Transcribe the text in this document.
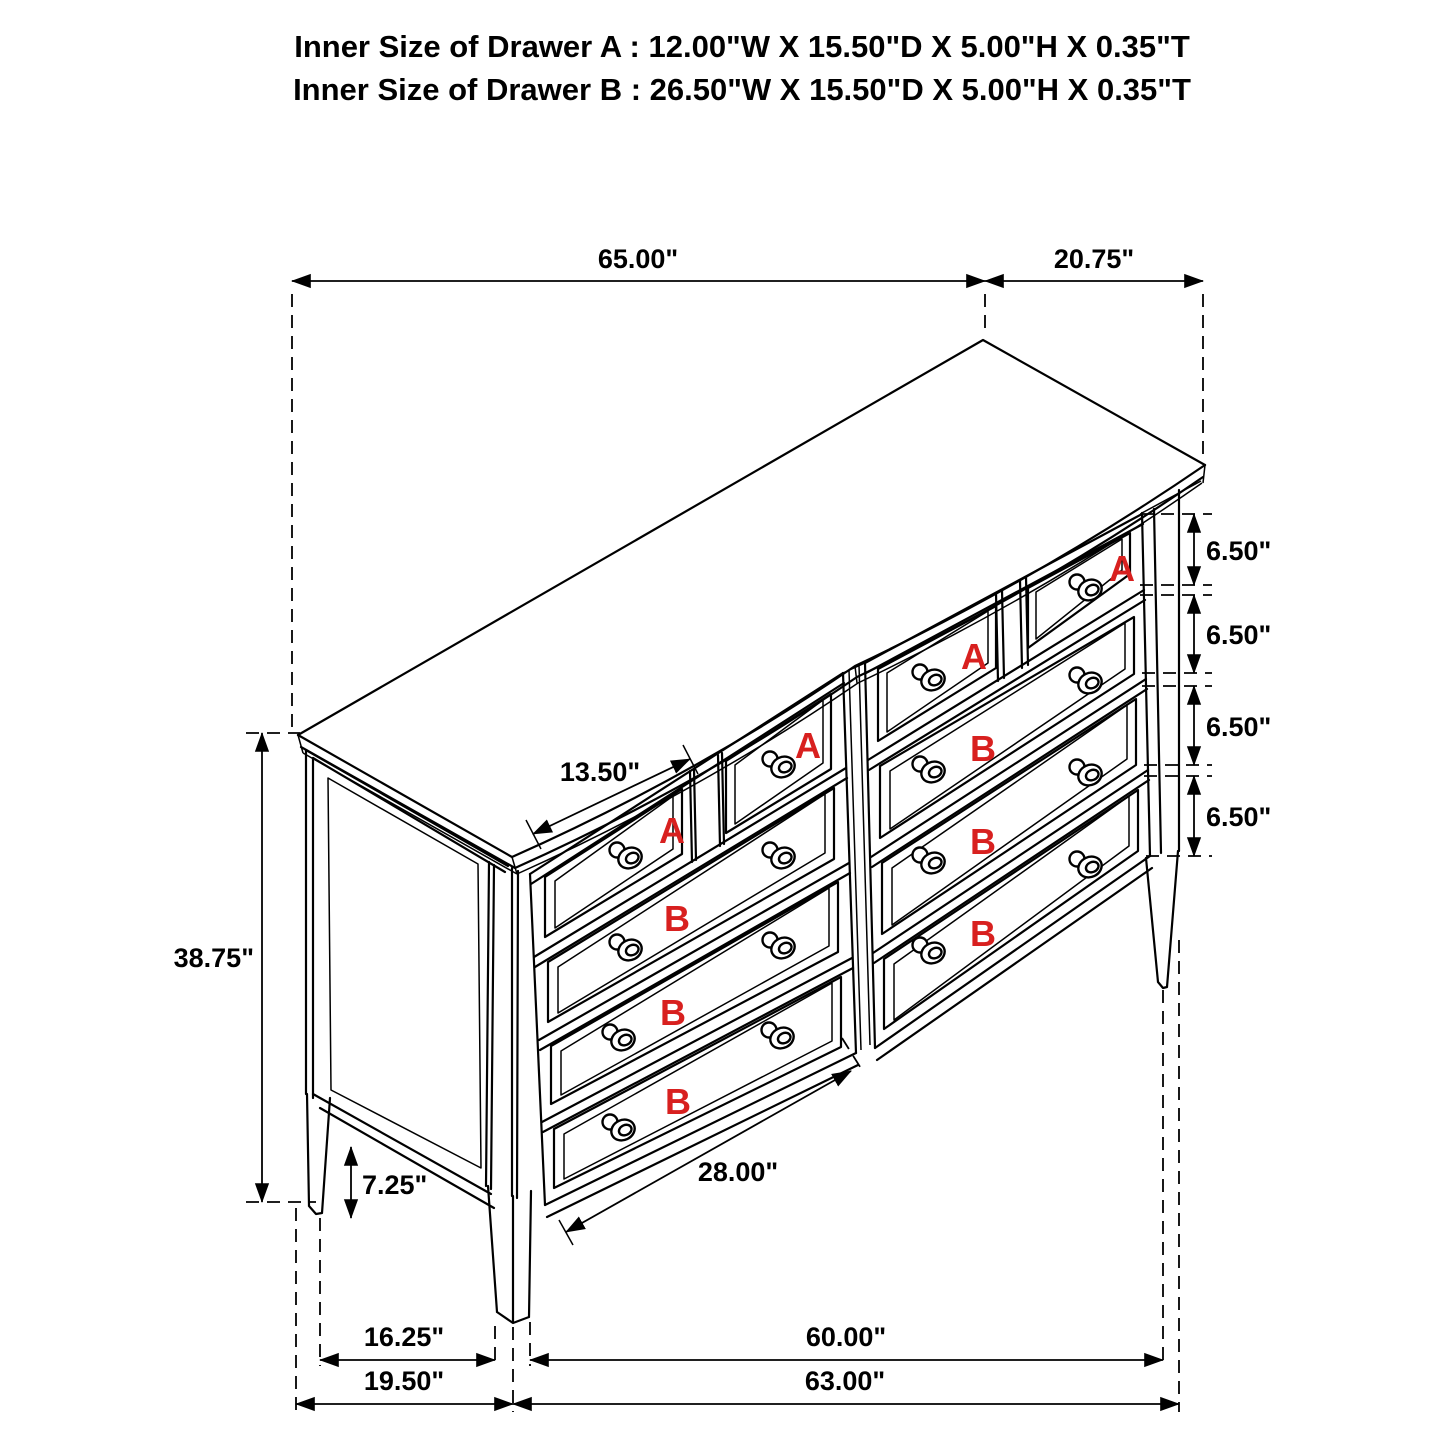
Inner Size of Drawer A : 12.00"W X 15.50"D X 5.00"H X 0.35"T
Inner Size of Drawer B : 26.50"W X 15.50"D X 5.00"H X 0.35"T
A
A
A
A
B
B
B
B
B
B
65.00"	20.75"
6.50"
6.50"
6.50"
6.50"
38.75"
7.25"
13.50"
28.00"
16.25"	60.00"
19.50"	63.00"
